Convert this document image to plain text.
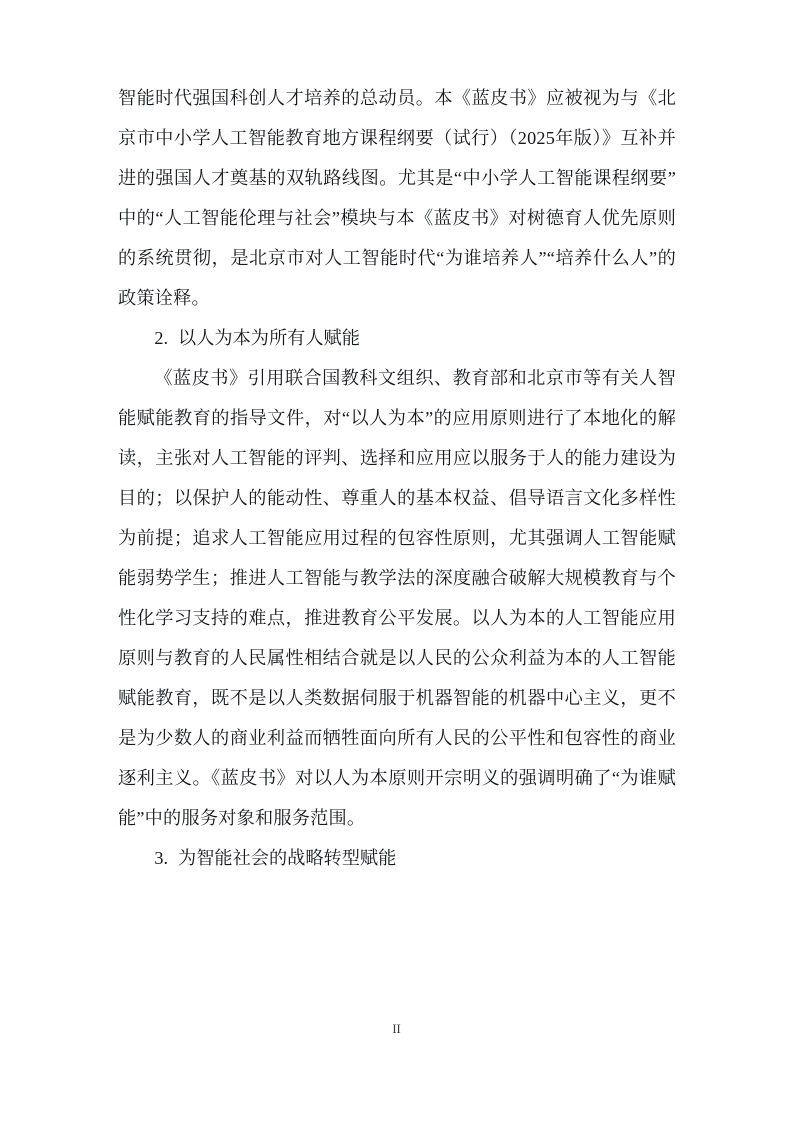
智能时代强国科创人才培养的总动员。本《蓝皮书》应被视为与《北京市中小学人工智能教育地方课程纲要（试行）（2025年版）》互补并进的强国人才奠基的双轨路线图。尤其是“中小学人工智能课程纲要”中的“人工智能伦理与社会”模块与本《蓝皮书》对树德育人优先原则的系统贯彻，是北京市对人工智能时代“为谁培养人”“培养什么人”的政策诠释。

2. 以人为本为所有人赋能

《蓝皮书》引用联合国教科文组织、教育部和北京市等有关人智能赋能教育的指导文件，对“以人为本”的应用原则进行了本地化的解读，主张对人工智能的评判、选择和应用应以服务于人的能力建设为目的；以保护人的能动性、尊重人的基本权益、倡导语言文化多样性为前提；追求人工智能应用过程的包容性原则，尤其强调人工智能赋能弱势学生；推进人工智能与教学法的深度融合破解大规模教育与个性化学习支持的难点，推进教育公平发展。以人为本的人工智能应用原则与教育的人民属性相结合就是以人民的公众利益为本的人工智能赋能教育，既不是以人类数据伺服于机器智能的机器中心主义，更不是为少数人的商业利益而牺牲面向所有人民的公平性和包容性的商业逐利主义。《蓝皮书》对以人为本原则开宗明义的强调明确了“为谁赋能”中的服务对象和服务范围。

3. 为智能社会的战略转型赋能

II
